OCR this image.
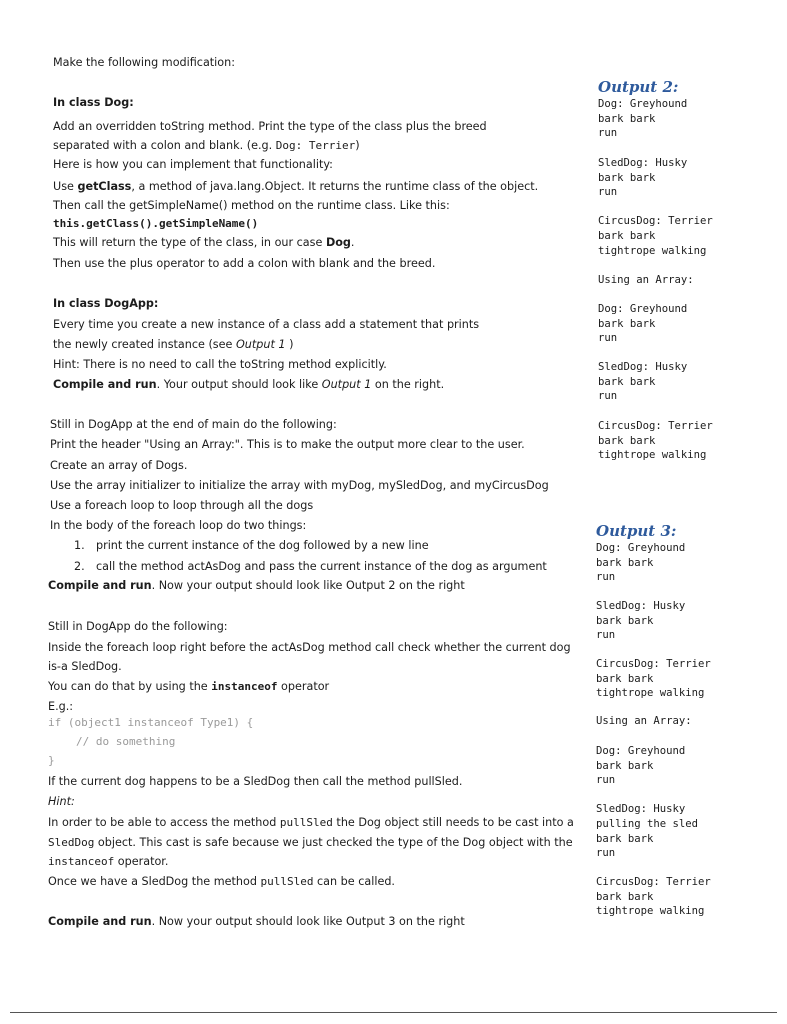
Make the following modification:
In class Dog:
Add an overridden toString method. Print the type of the class plus the breed
separated with a colon and blank. (e.g. Dog: Terrier)
Here is how you can implement that functionality:
Use getClass, a method of java.lang.Object. It returns the runtime class of the object.
Then call the getSimpleName() method on the runtime class. Like this:
this.getClass().getSimpleName()
This will return the type of the class, in our case Dog.
Then use the plus operator to add a colon with blank and the breed.
In class DogApp:
Every time you create a new instance of a class add a statement that prints
the newly created instance (see Output 1 )
Hint: There is no need to call the toString method explicitly.
Compile and run. Your output should look like Output 1 on the right.
Still in DogApp at the end of main do the following:
Print the header "Using an Array:". This is to make the output more clear to the user.
Create an array of Dogs.
Use the array initializer to initialize the array with myDog, mySledDog, and myCircusDog
Use a foreach loop to loop through all the dogs
In the body of the foreach loop do two things:
1. print the current instance of the dog followed by a new line
2. call the method actAsDog and pass the current instance of the dog as argument
Compile and run. Now your output should look like Output 2 on the right
Still in DogApp do the following:
Inside the foreach loop right before the actAsDog method call check whether the current dog
is-a SledDog.
You can do that by using the instanceof operator
E.g.:
if (object1 instanceof Type1) {
// do something
}
If the current dog happens to be a SledDog then call the method pullSled.
Hint:
In order to be able to access the method pullSled the Dog object still needs to be cast into a
SledDog object. This cast is safe because we just checked the type of the Dog object with the
instanceof operator.
Once we have a SledDog the method pullSled can be called.
Compile and run. Now your output should look like Output 3 on the right
Output 2:
Dog: Greyhound
bark bark
run
SledDog: Husky
bark bark
run
CircusDog: Terrier
bark bark
tightrope walking
Using an Array:
Dog: Greyhound
bark bark
run
SledDog: Husky
bark bark
run
CircusDog: Terrier
bark bark
tightrope walking
Output 3:
Dog: Greyhound
bark bark
run
SledDog: Husky
bark bark
run
CircusDog: Terrier
bark bark
tightrope walking
Using an Array:
Dog: Greyhound
bark bark
run
SledDog: Husky
pulling the sled
bark bark
run
CircusDog: Terrier
bark bark
tightrope walking
